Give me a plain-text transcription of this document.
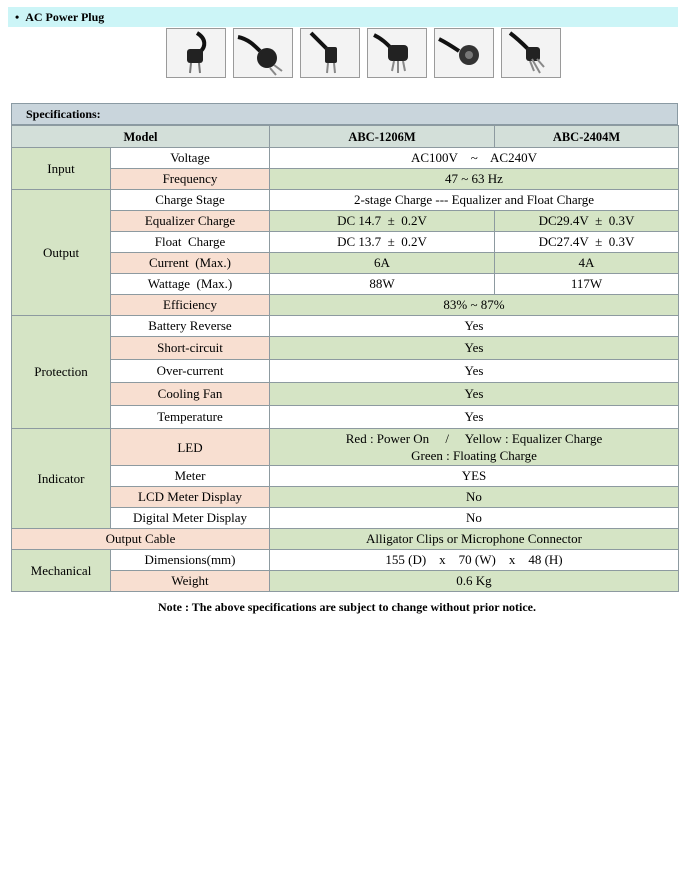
• AC Power Plug
Specifications:
Model		ABC-1206M	ABC-2404M
Input	Voltage	AC100V    ~    AC240V	
	Frequency	47 ~ 63 Hz	
Output	Charge Stage	2-stage Charge --- Equalizer and Float Charge	
	Equalizer Charge	DC 14.7  ±  0.2V	DC29.4V  ±  0.3V
	Float  Charge	DC 13.7  ±  0.2V	DC27.4V  ±  0.3V
	Current  (Max.)	6A	4A
	Wattage  (Max.)	88W	117W
	Efficiency	83% ~ 87%	
Protection	Battery Reverse	Yes	
	Short-circuit	Yes	
	Over-current	Yes	
	Cooling Fan	Yes	
	Temperature	Yes	
Indicator	LED	Red : Power On     /     Yellow : Equalizer Charge
Green : Floating Charge	

	Meter	YES	
	LCD Meter Display	No	
	Digital Meter Display	No	
Output Cable		Alligator Clips or Microphone Connector	
Mechanical	Dimensions(mm)	155 (D)    x    70 (W)    x    48 (H)	
	Weight	0.6 Kg	
Note : The above specifications are subject to change without prior notice.
